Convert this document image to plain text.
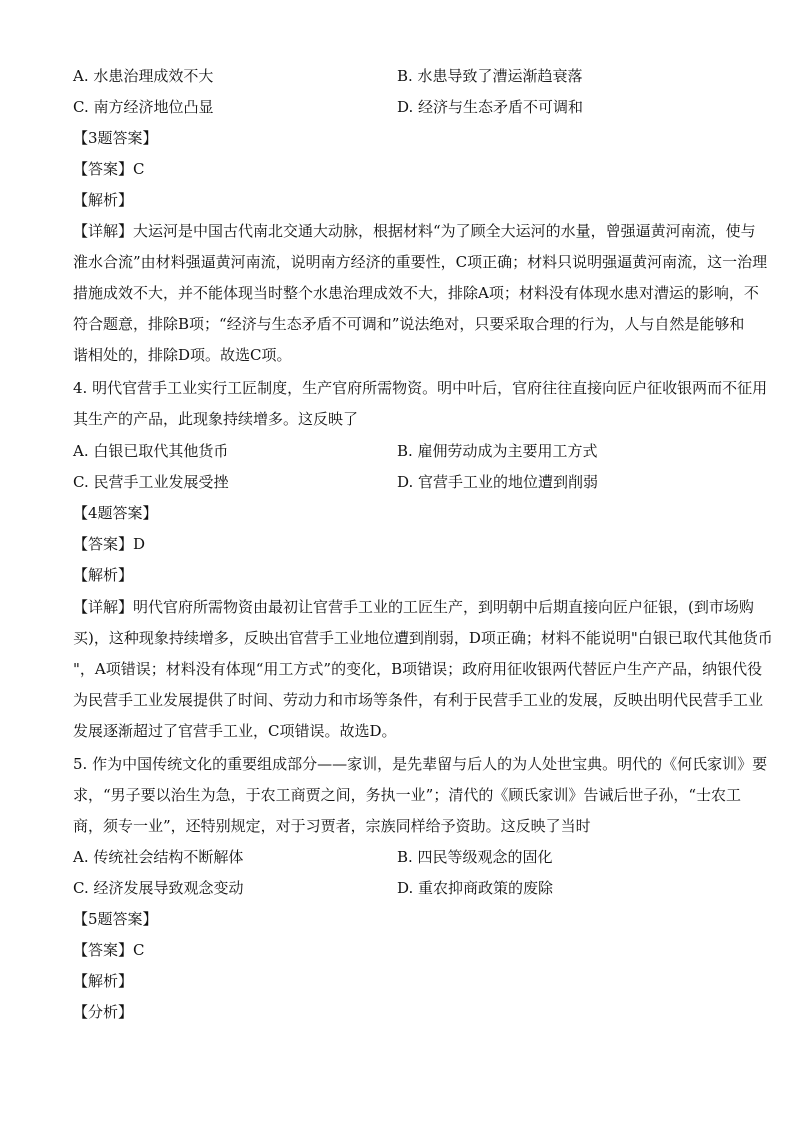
A. 水患治理成效不大	B. 水患导致了漕运渐趋衰落
C. 南方经济地位凸显	D. 经济与生态矛盾不可调和
【3题答案】
【答案】C
【解析】
【详解】大运河是中国古代南北交通大动脉，根据材料“为了顾全大运河的水量，曾强逼黄河南流，使与
淮水合流”由材料强逼黄河南流，说明南方经济的重要性，C项正确；材料只说明强逼黄河南流，这一治理
措施成效不大，并不能体现当时整个水患治理成效不大，排除A项；材料没有体现水患对漕运的影响，不
符合题意，排除B项；“经济与生态矛盾不可调和”说法绝对，只要采取合理的行为，人与自然是能够和
谐相处的，排除D项。故选C项。
4. 明代官营手工业实行工匠制度，生产官府所需物资。明中叶后，官府往往直接向匠户征收银两而不征用
其生产的产品，此现象持续增多。这反映了
A. 白银已取代其他货币	B. 雇佣劳动成为主要用工方式
C. 民营手工业发展受挫	D. 官营手工业的地位遭到削弱
【4题答案】
【答案】D
【解析】
【详解】明代官府所需物资由最初让官营手工业的工匠生产，到明朝中后期直接向匠户征银，(到市场购
买)，这种现象持续增多，反映出官营手工业地位遭到削弱，D项正确；材料不能说明"白银已取代其他货币
"，A项错误；材料没有体现“用工方式”的变化，B项错误；政府用征收银两代替匠户生产产品，纳银代役
为民营手工业发展提供了时间、劳动力和市场等条件，有利于民营手工业的发展，反映出明代民营手工业
发展逐渐超过了官营手工业，C项错误。故选D。
5. 作为中国传统文化的重要组成部分——家训，是先辈留与后人的为人处世宝典。明代的《何氏家训》要
求，“男子要以治生为急，于农工商贾之间，务执一业”；清代的《顾氏家训》告诫后世子孙，“士农工
商，须专一业”，还特别规定，对于习贾者，宗族同样给予资助。这反映了当时
A. 传统社会结构不断解体	B. 四民等级观念的固化
C. 经济发展导致观念变动	D. 重农抑商政策的废除
【5题答案】
【答案】C
【解析】
【分析】
